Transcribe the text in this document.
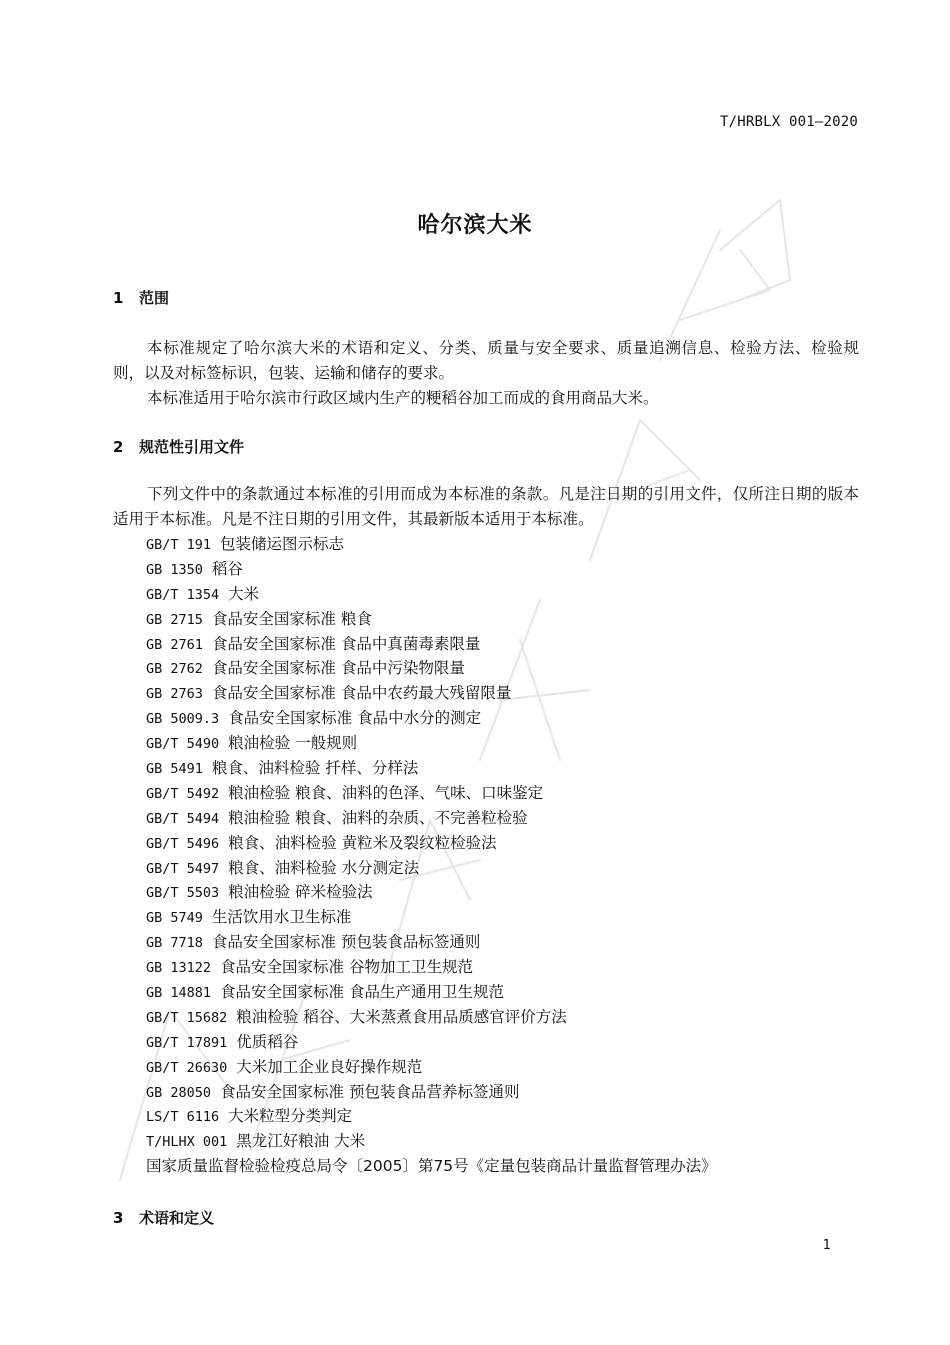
T/HRBLX 001—2020
哈尔滨大米
1 范围
本标准规定了哈尔滨大米的术语和定义、分类、质量与安全要求、质量追溯信息、检验方法、检验规则，以及对标签标识，包装、运输和储存的要求。
本标准适用于哈尔滨市行政区域内生产的粳稻谷加工而成的食用商品大米。
2 规范性引用文件
下列文件中的条款通过本标准的引用而成为本标准的条款。凡是注日期的引用文件，仅所注日期的版本适用于本标准。凡是不注日期的引用文件，其最新版本适用于本标准。
GB/T 191 包装储运图示标志
GB 1350 稻谷
GB/T 1354 大米
GB 2715 食品安全国家标准 粮食
GB 2761 食品安全国家标准 食品中真菌毒素限量
GB 2762 食品安全国家标准 食品中污染物限量
GB 2763 食品安全国家标准 食品中农药最大残留限量
GB 5009.3 食品安全国家标准 食品中水分的测定
GB/T 5490 粮油检验 一般规则
GB 5491 粮食、油料检验 扦样、分样法
GB/T 5492 粮油检验 粮食、油料的色泽、气味、口味鉴定
GB/T 5494 粮油检验 粮食、油料的杂质、不完善粒检验
GB/T 5496 粮食、油料检验 黄粒米及裂纹粒检验法
GB/T 5497 粮食、油料检验 水分测定法
GB/T 5503 粮油检验 碎米检验法
GB 5749 生活饮用水卫生标准
GB 7718 食品安全国家标准 预包装食品标签通则
GB 13122 食品安全国家标准 谷物加工卫生规范
GB 14881 食品安全国家标准 食品生产通用卫生规范
GB/T 15682 粮油检验 稻谷、大米蒸煮食用品质感官评价方法
GB/T 17891 优质稻谷
GB/T 26630 大米加工企业良好操作规范
GB 28050 食品安全国家标准 预包装食品营养标签通则
LS/T 6116 大米粒型分类判定
T/HLHX 001 黑龙江好粮油 大米
国家质量监督检验检疫总局令〔2005〕第75号《定量包装商品计量监督管理办法》
3 术语和定义
1
